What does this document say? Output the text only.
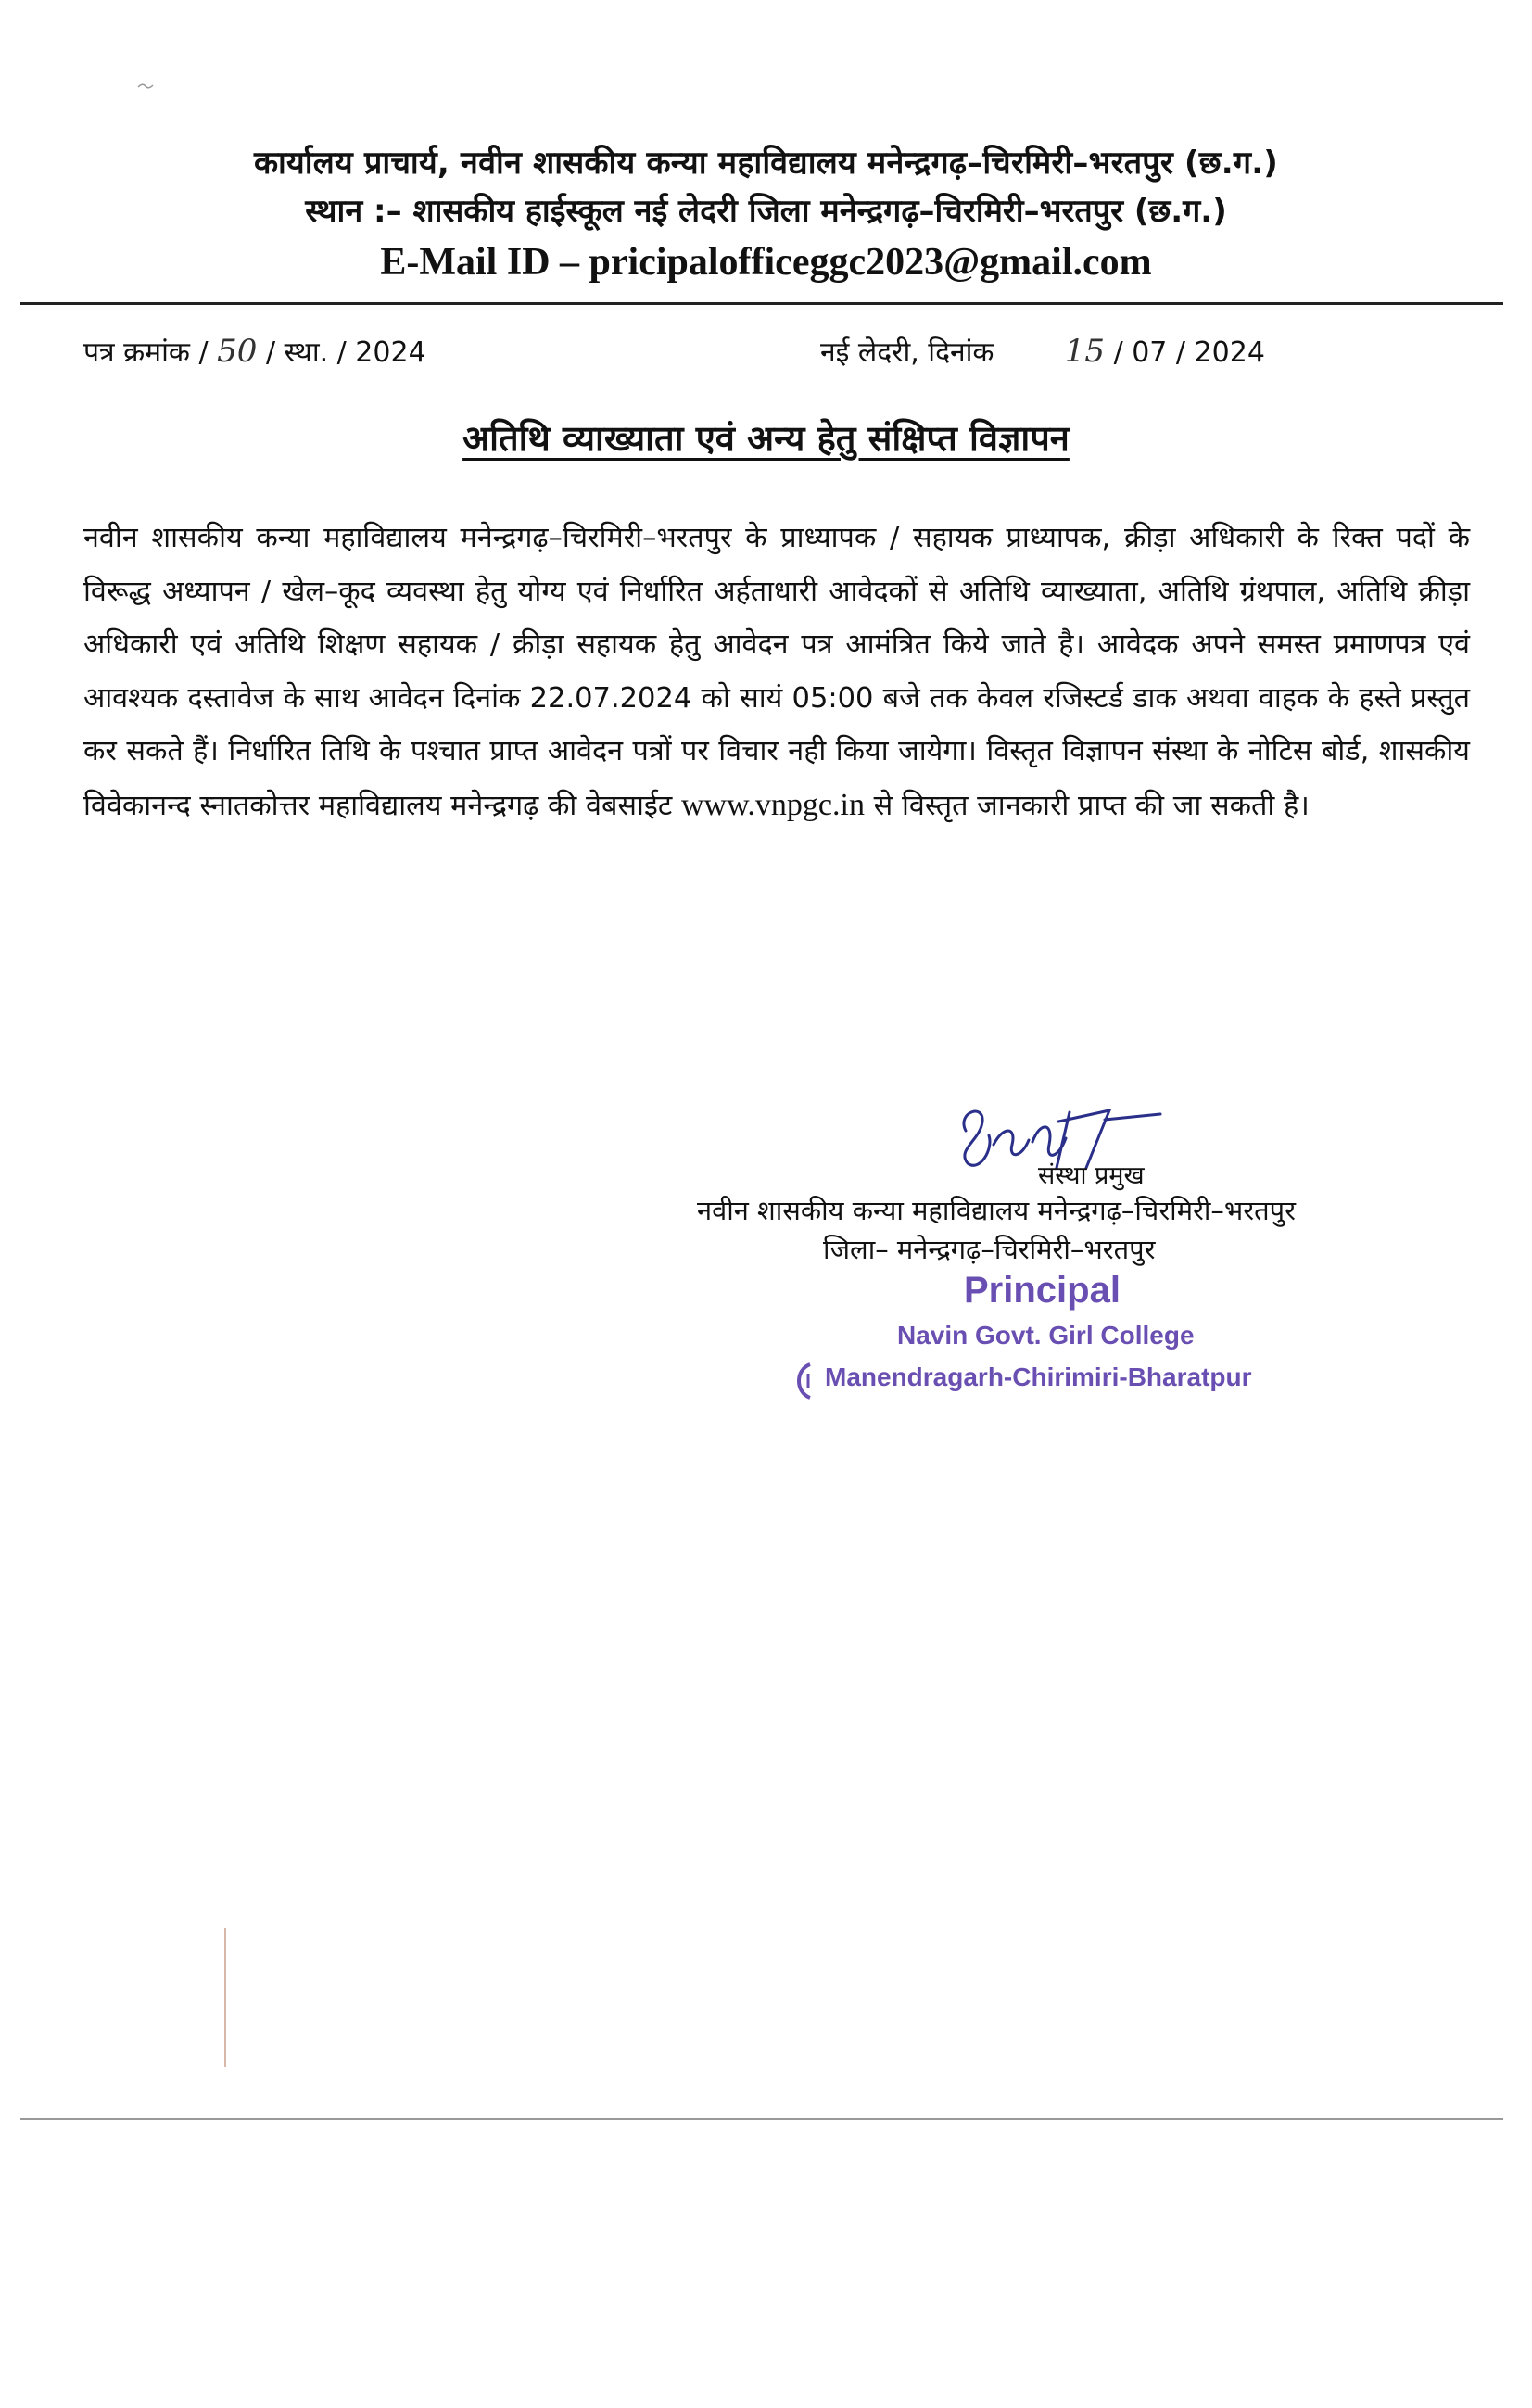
कार्यालय प्राचार्य, नवीन शासकीय कन्या महाविद्यालय मनेन्द्रगढ़–चिरमिरी–भरतपुर (छ.ग.)
स्थान :– शासकीय हाईस्कूल नई लेदरी जिला मनेन्द्रगढ़–चिरमिरी–भरतपुर (छ.ग.)
E-Mail ID – pricipalofficeggc2023@gmail.com
पत्र क्रमांक / 50 / स्था. / 2024	नई लेदरी, दिनांक 15 / 07 / 2024
अतिथि व्याख्याता एवं अन्य हेतु संक्षिप्त विज्ञापन
नवीन शासकीय कन्या महाविद्यालय मनेन्द्रगढ़–चिरमिरी–भरतपुर के प्राध्यापक / सहायक प्राध्यापक, क्रीड़ा अधिकारी के रिक्त पदों के विरूद्ध अध्यापन / खेल–कूद व्यवस्था हेतु योग्य एवं निर्धारित अर्हताधारी आवेदकों से अतिथि व्याख्याता, अतिथि ग्रंथपाल, अतिथि क्रीड़ा अधिकारी एवं अतिथि शिक्षण सहायक / क्रीड़ा सहायक हेतु आवेदन पत्र आमंत्रित किये जाते है। आवेदक अपने समस्त प्रमाणपत्र एवं आवश्यक दस्तावेज के साथ आवेदन दिनांक 22.07.2024 को सायं 05:00 बजे तक केवल रजिस्टर्ड डाक अथवा वाहक के हस्ते प्रस्तुत कर सकते हैं। निर्धारित तिथि के पश्चात प्राप्त आवेदन पत्रों पर विचार नही किया जायेगा। विस्तृत विज्ञापन संस्था के नोटिस बोर्ड, शासकीय विवेकानन्द स्नातकोत्तर महाविद्यालय मनेन्द्रगढ़ की वेबसाईट www.vnpgc.in से विस्तृत जानकारी प्राप्त की जा सकती है।
संस्था प्रमुख
नवीन शासकीय कन्या महाविद्यालय मनेन्द्रगढ़–चिरमिरी–भरतपुर
जिला– मनेन्द्रगढ़–चिरमिरी–भरतपुर
Principal
Navin Govt. Girl College
Manendragarh-Chirimiri-Bharatpur
